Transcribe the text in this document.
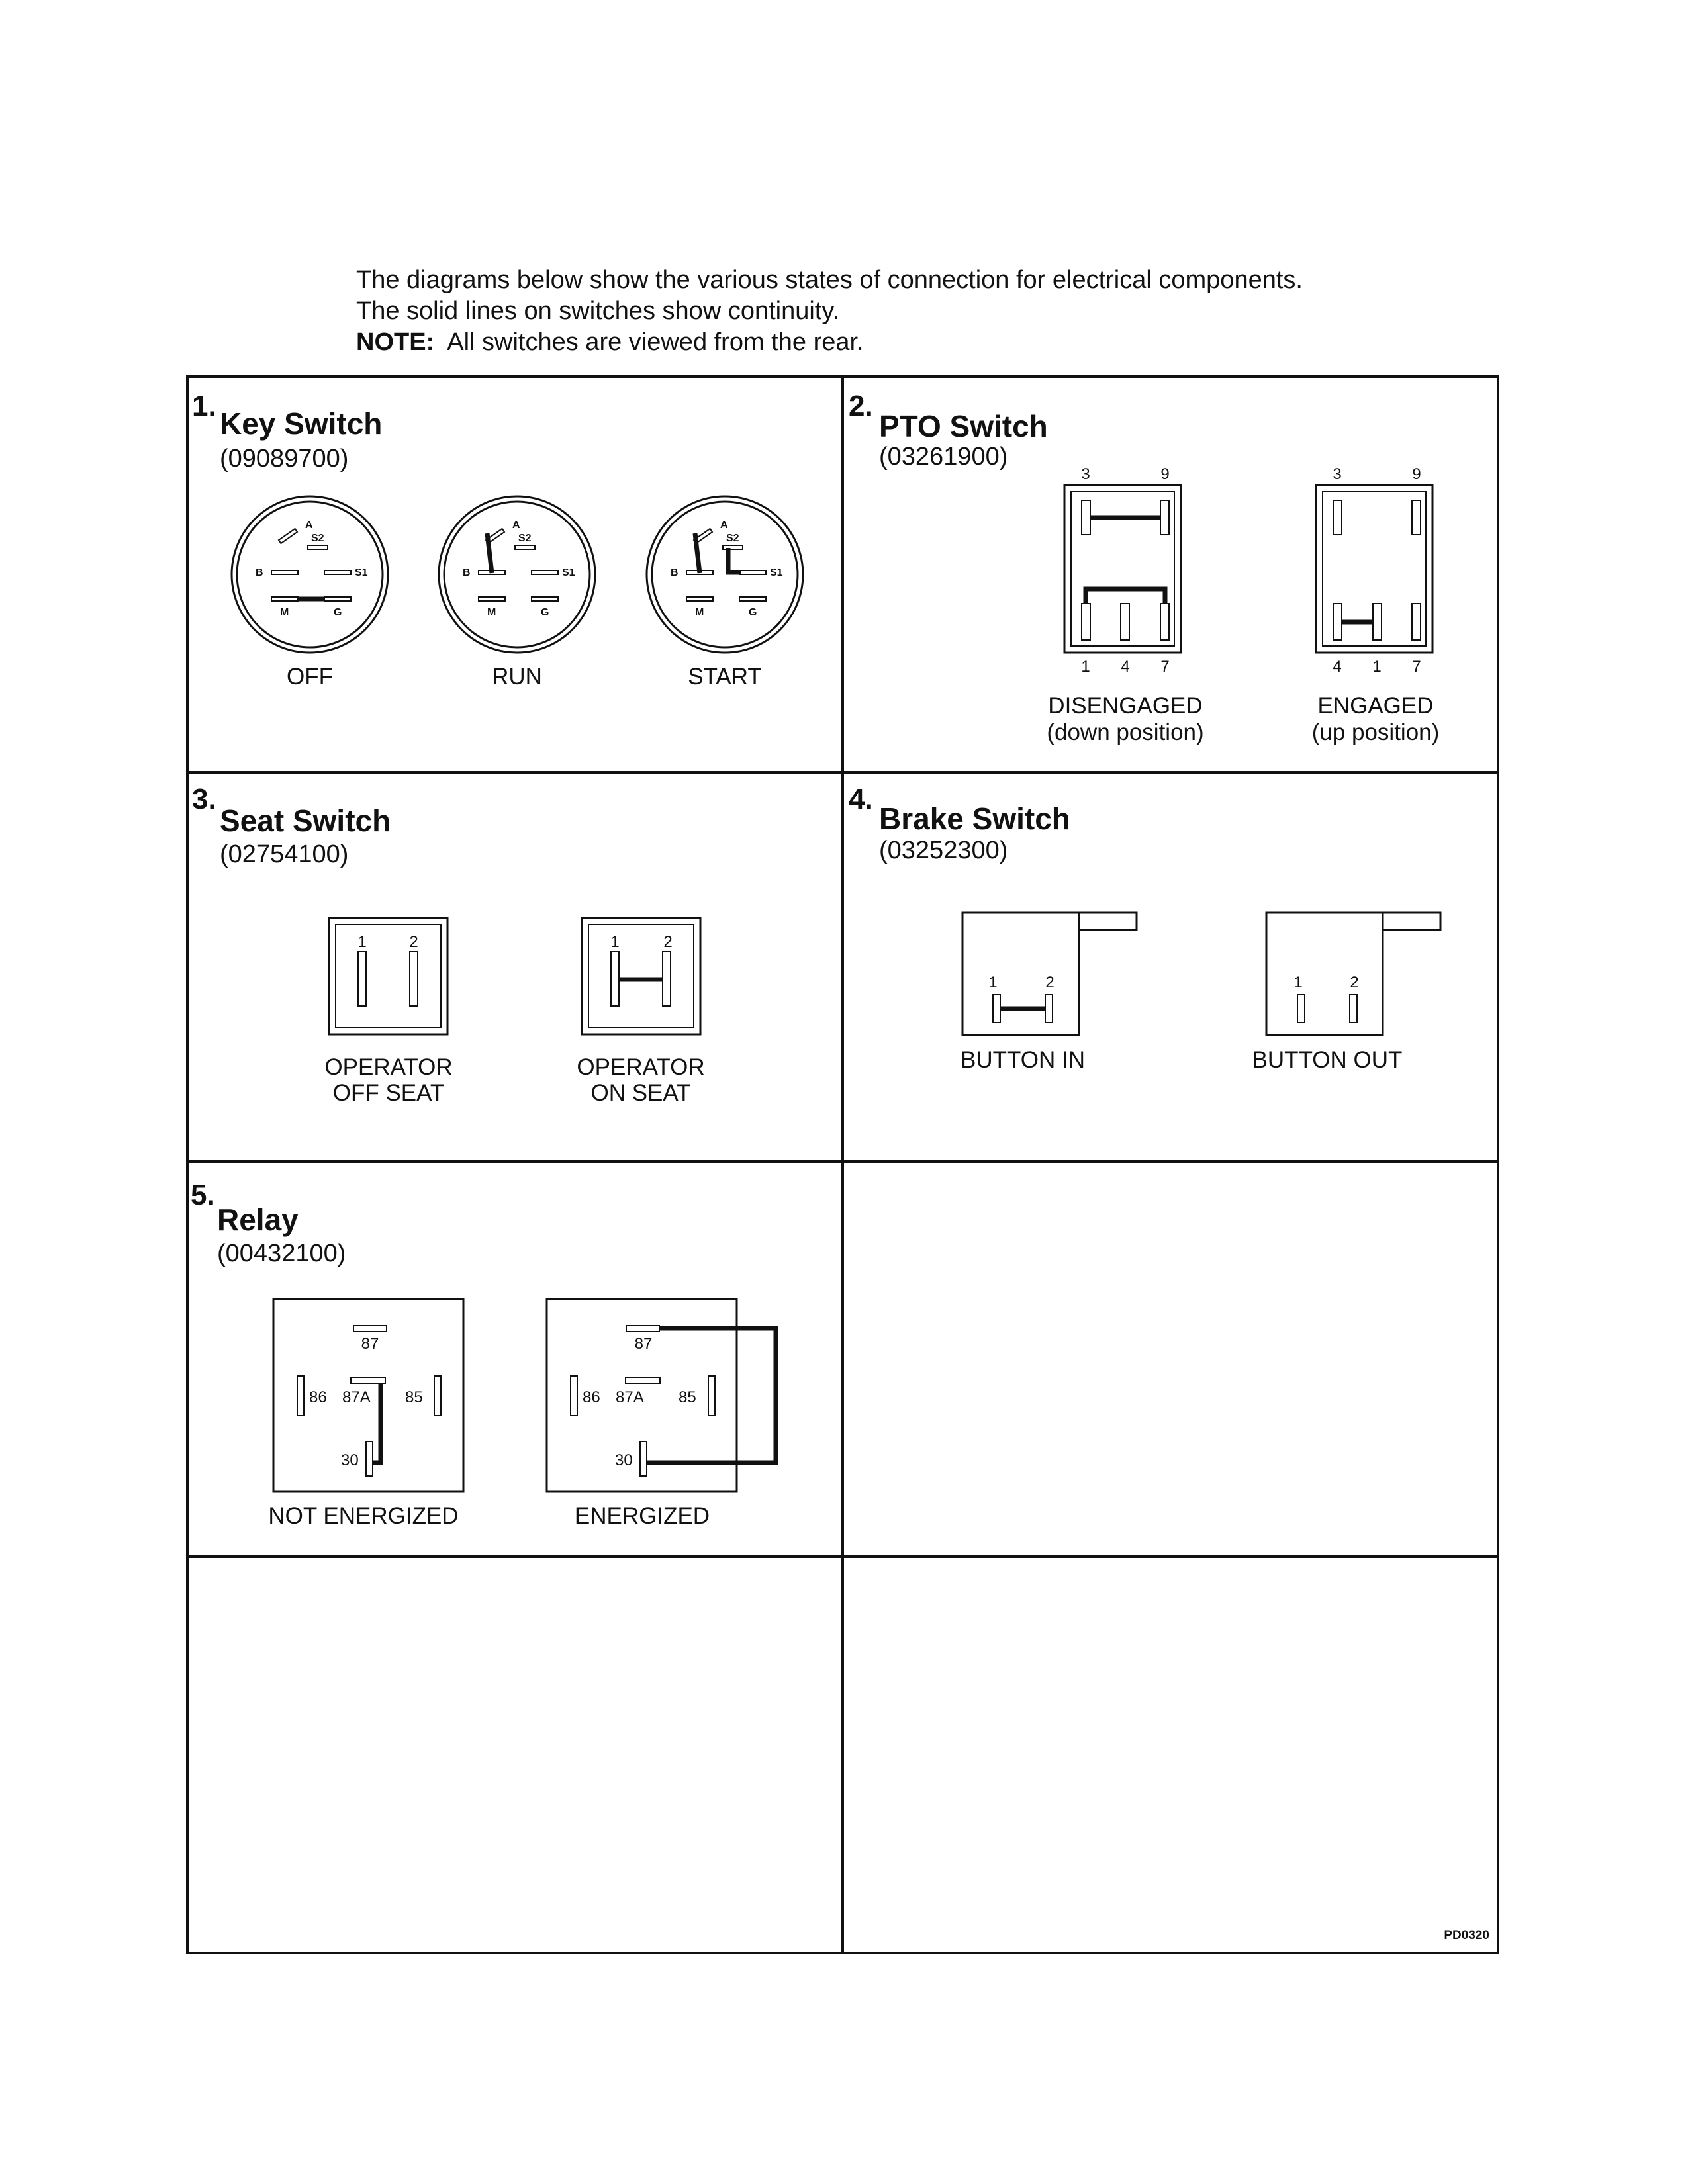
The diagrams below show the various states of connection for electrical components.
The solid lines on switches show continuity.
NOTE: All switches are viewed from the rear.
1.
Key Switch
(09089700)
A
S2
B	S1
M	G
OFF
A
S2
B	S1
M	G
RUN
A
S2
B	S1
M	G
START
2.
PTO Switch
(03261900)
3	9
1 4 7
DISENGAGED
(down position)
3	9
4 1 7
ENGAGED
(up position)
3.
Seat Switch
(02754100)
1	2
OPERATOR
OFF SEAT
1	2
OPERATOR
ON SEAT
4.
Brake Switch
(03252300)
1	2
BUTTON IN
1	2
BUTTON OUT
5.
Relay
(00432100)
87
86 87A 85
30
NOT ENERGIZED
87
86 87A 85
30
ENERGIZED
PD0320
